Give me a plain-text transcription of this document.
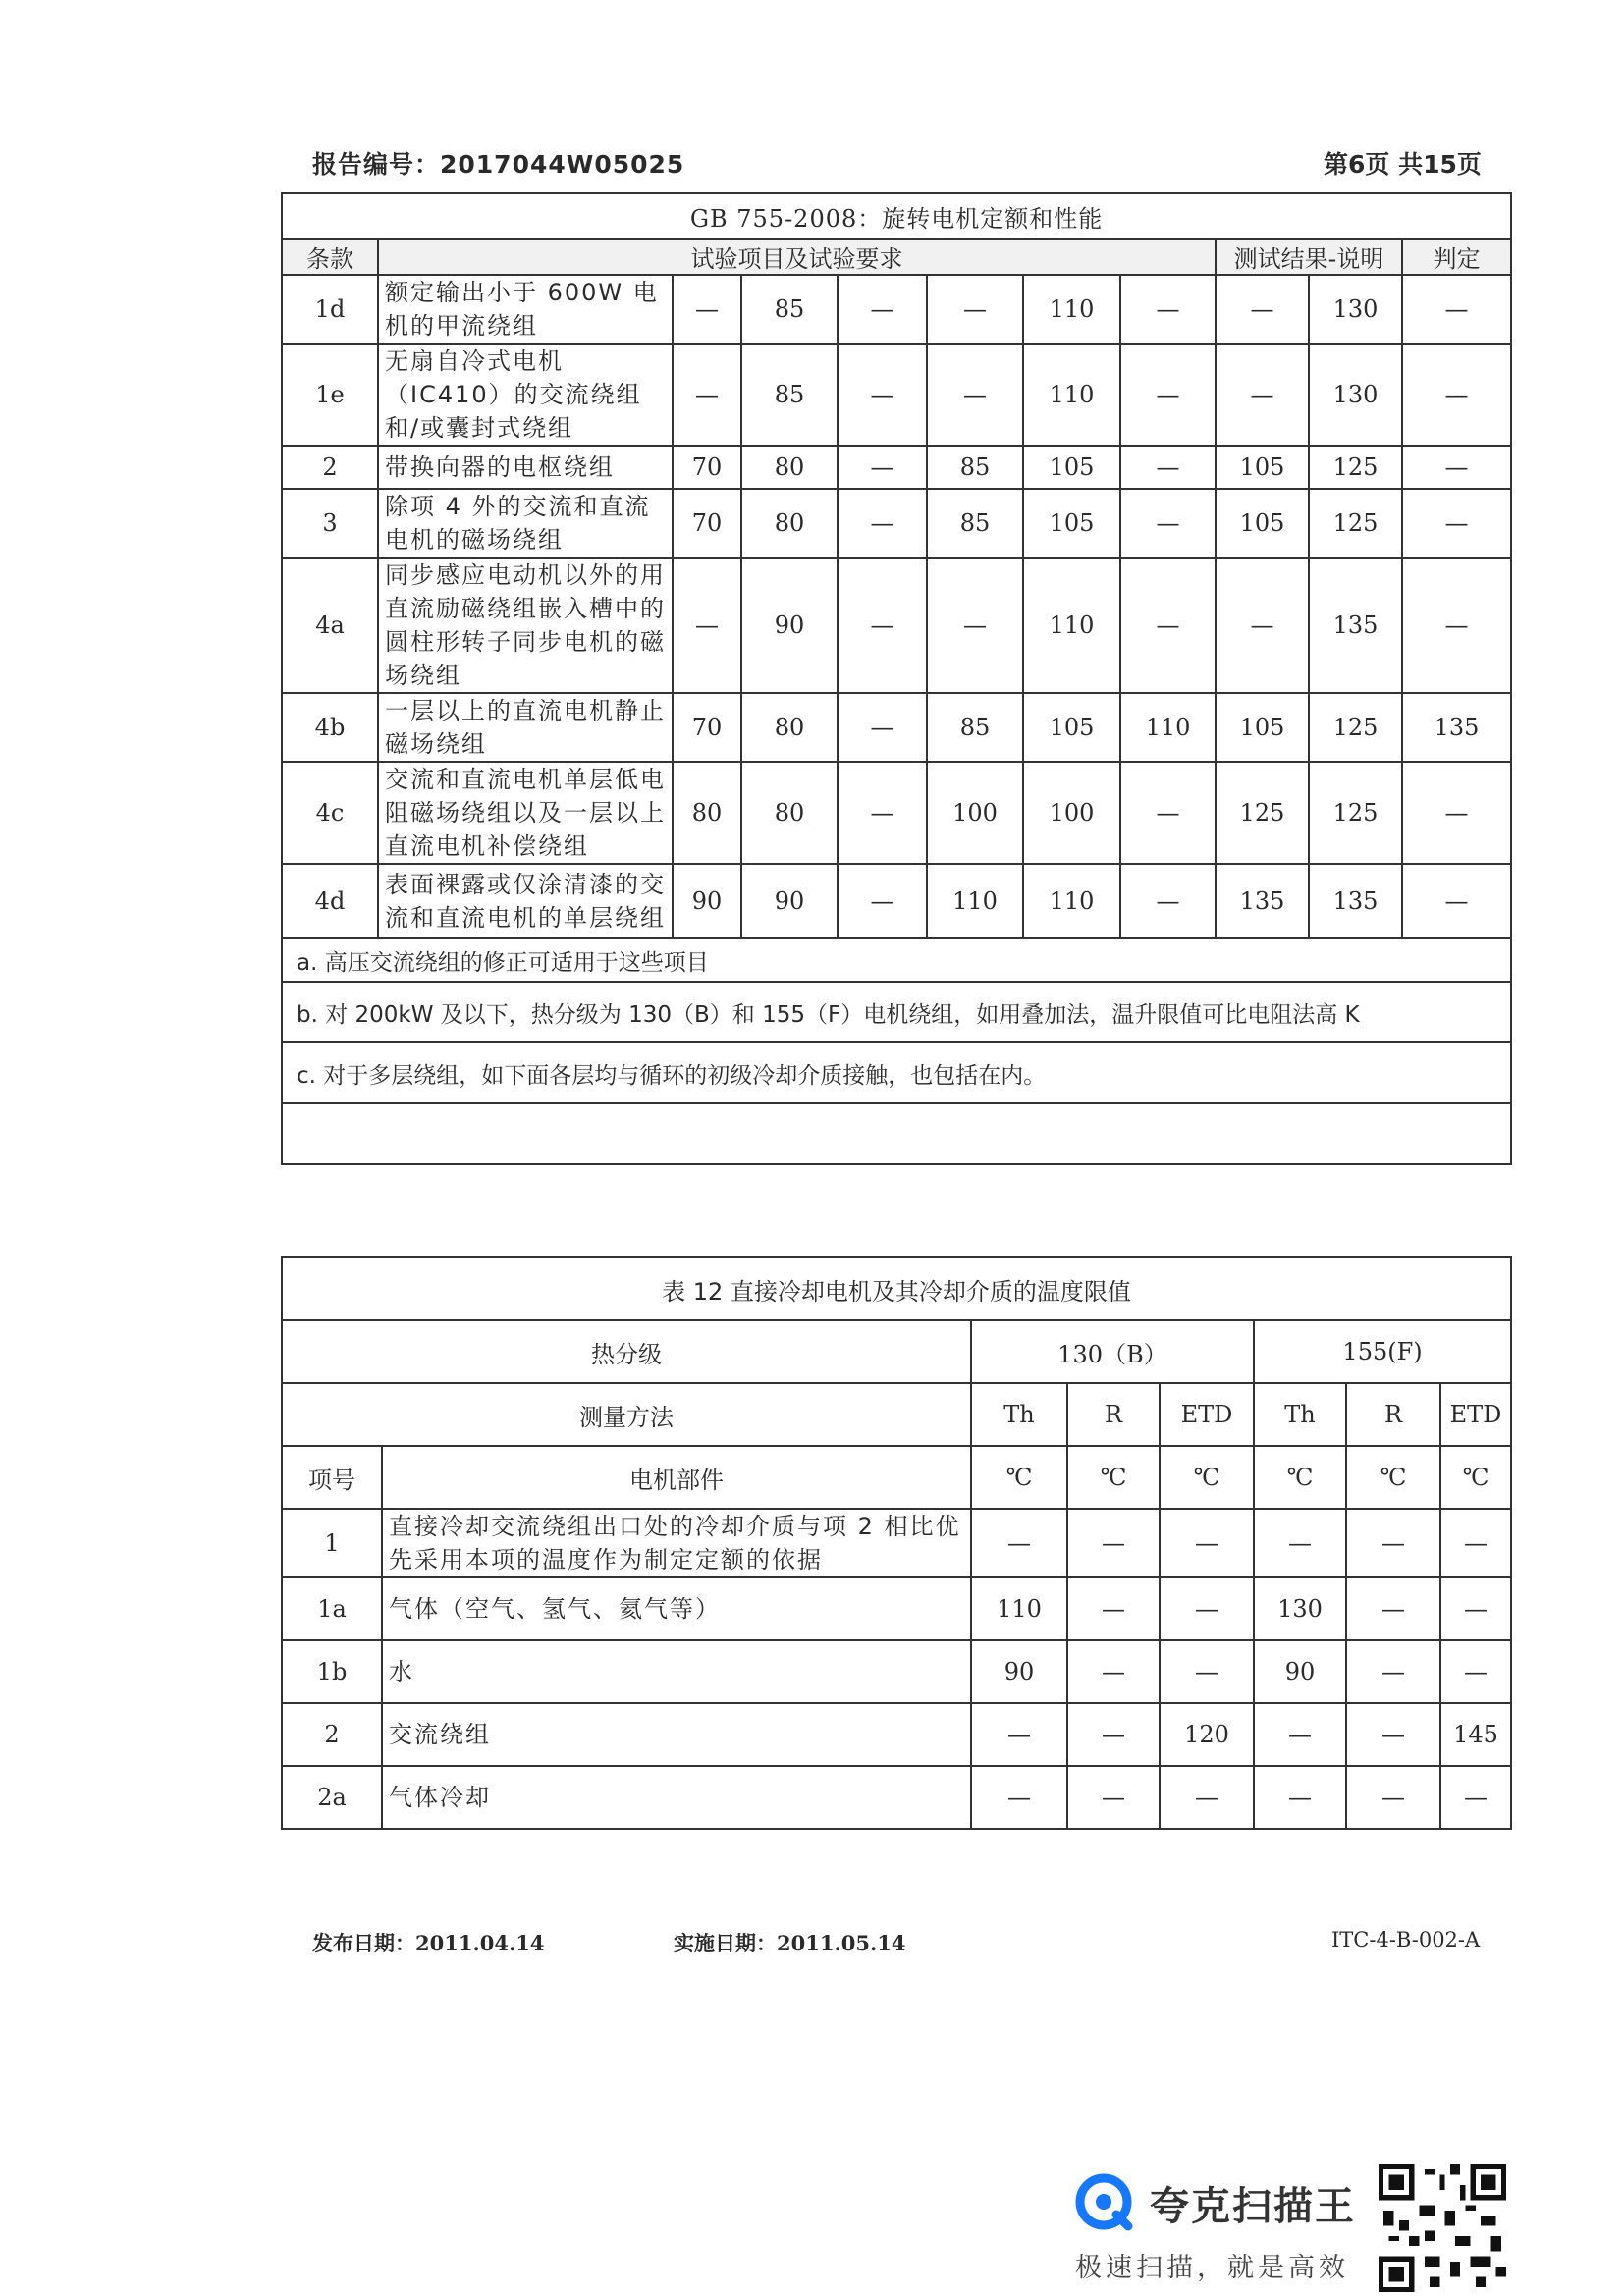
报告编号：2017044W05025	第6页 共15页
GB 755-2008：旋转电机定额和性能										
条款	试验项目及试验要求							测试结果-说明		判定
1d	额定输出小于 600W 电机的甲流绕组	—	85	—	—	110	—	—	130	—
1e	无扇自冷式电机（IC410）的交流绕组和/或囊封式绕组	—	85	—	—	110	—	—	130	—
2	带换向器的电枢绕组	70	80	—	85	105	—	105	125	—
3	除项 4 外的交流和直流电机的磁场绕组	70	80	—	85	105	—	105	125	—
4a	同步感应电动机以外的用直流励磁绕组嵌入槽中的圆柱形转子同步电机的磁场绕组	—	90	—	—	110	—	—	135	—
4b	一层以上的直流电机静止磁场绕组	70	80	—	85	105	110	105	125	135
4c	交流和直流电机单层低电阻磁场绕组以及一层以上直流电机补偿绕组	80	80	—	100	100	—	125	125	—
4d	表面裸露或仅涂清漆的交流和直流电机的单层绕组	90	90	—	110	110	—	135	135	—
a. 高压交流绕组的修正可适用于这些项目										
b. 对 200kW 及以下，热分级为 130（B）和 155（F）电机绕组，如用叠加法，温升限值可比电阻法高 K										
c. 对于多层绕组，如下面各层均与循环的初级冷却介质接触，也包括在内。										

表 12 直接冷却电机及其冷却介质的温度限值							
热分级		130（B）			155(F)		
测量方法		Th	R	ETD	Th	R	ETD
项号	电机部件	℃	℃	℃	℃	℃	℃
1	直接冷却交流绕组出口处的冷却介质与项 2 相比优先采用本项的温度作为制定定额的依据	—	—	—	—	—	—
1a	气体（空气、氢气、氦气等）	110	—	—	130	—	—
1b	水	90	—	—	90	—	—
2	交流绕组	—	—	120	—	—	145
2a	气体冷却	—	—	—	—	—	—
发布日期：2011.04.14	实施日期：2011.05.14	ITC-4-B-002-A
夸克扫描王
极速扫描，就是高效
